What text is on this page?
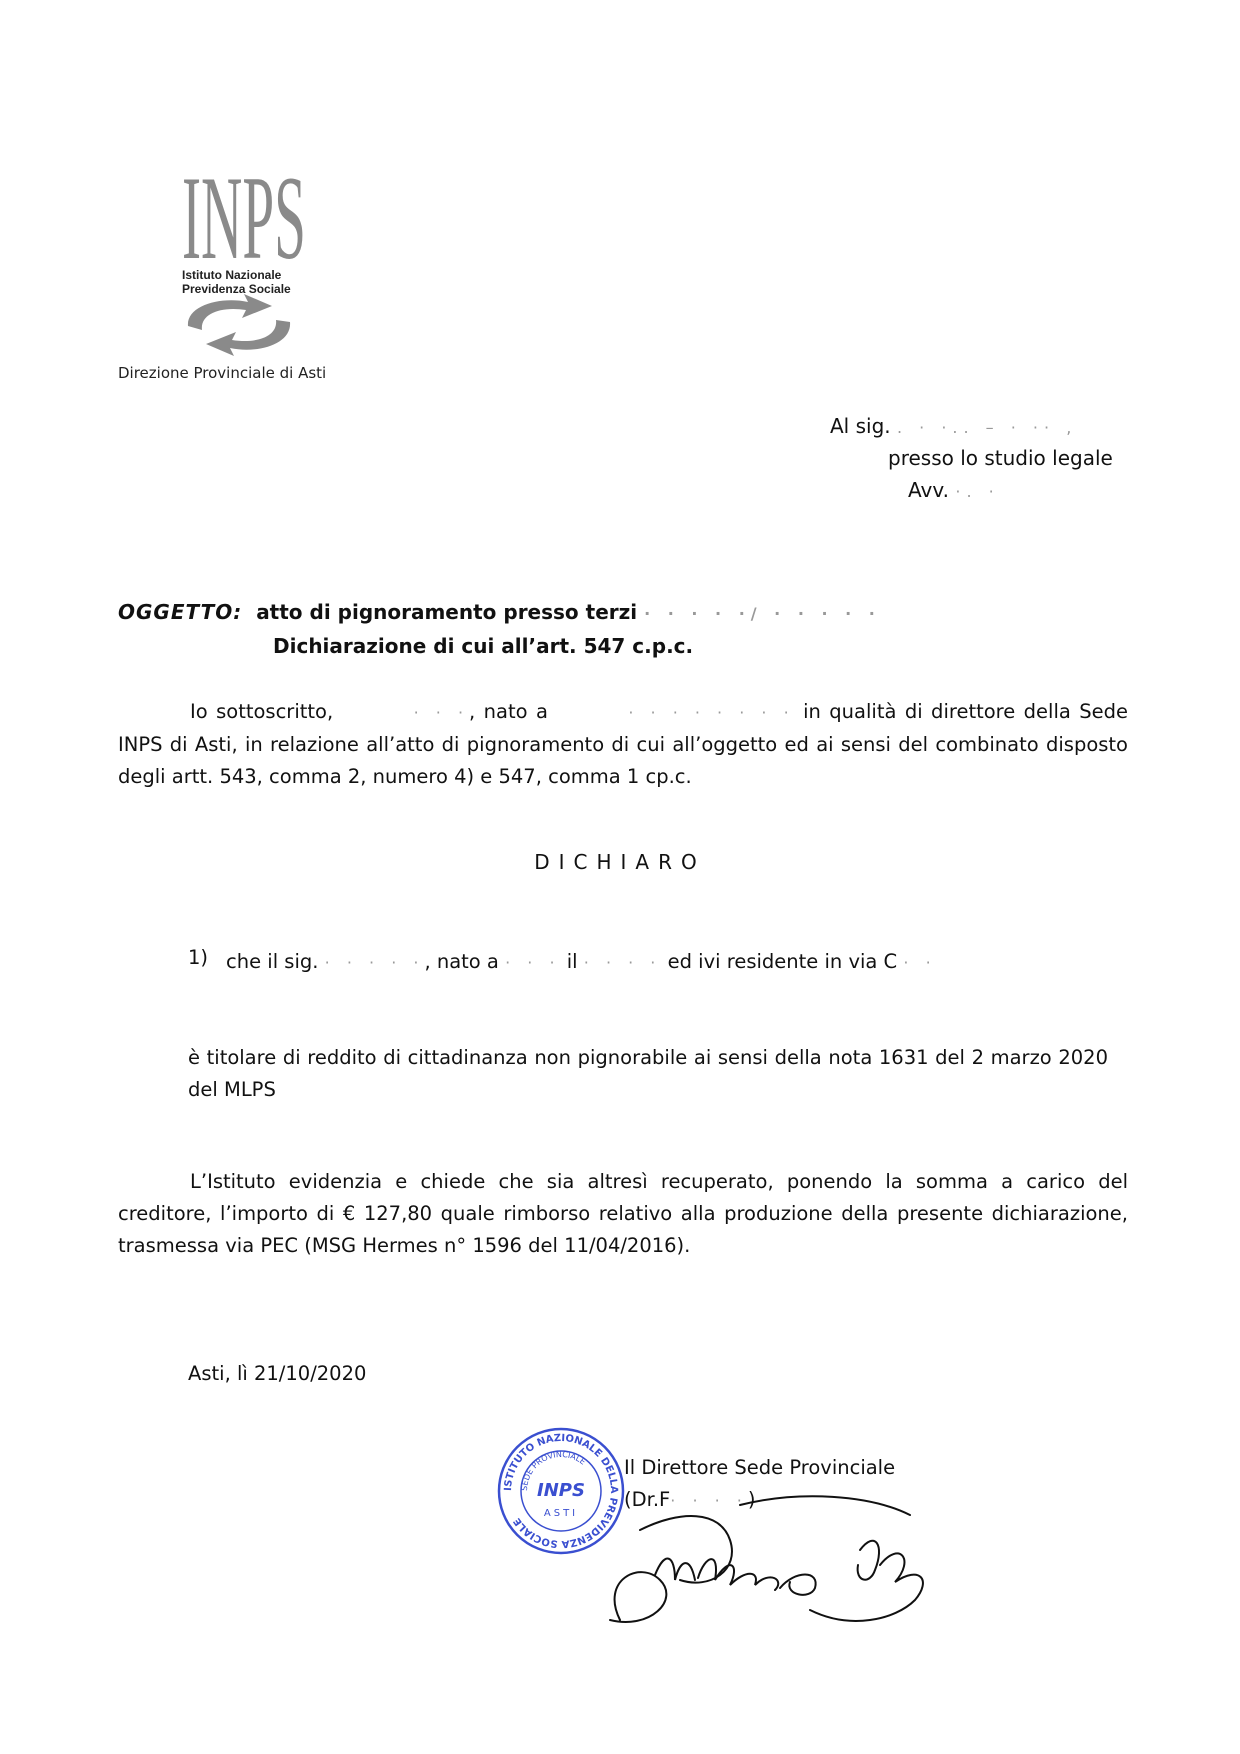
INPS
Istituto Nazionale
Previdenza Sociale
Direzione Provinciale di Asti
Al sig. . · ·.. – · ·· ,
presso lo studio legale
Avv. ·. ·
OGGETTO: atto di pignoramento presso terzi · · · · ·/ · · · · ·
Dichiarazione di cui all’art. 547 c.p.c.
Io sottoscritto,	· · ·, nato a	· · · · · · · · in qualità di direttore della Sede INPS di Asti, in relazione all’atto di pignoramento di cui all’oggetto ed ai sensi del combinato disposto degli artt. 543, comma 2, numero 4) e 547, comma 1 cp.c.
DICHIARO
1) che il sig. · · · · ·, nato a · · · il · · · · ed ivi residente in via C · ·
è titolare di reddito di cittadinanza non pignorabile ai sensi della nota 1631 del 2 marzo 2020 del MLPS
L’Istituto evidenzia e chiede che sia altresì recuperato, ponendo la somma a carico del creditore, l’importo di € 127,80 quale rimborso relativo alla produzione della presente dichiarazione, trasmessa via PEC (MSG Hermes n° 1596 del 11/04/2016).
Asti, lì 21/10/2020
ISTITUTO NAZIONALE DELLA PREVIDENZA SOCIALE
SEDE PROVINCIALE
INPS
ASTI
Il Direttore Sede Provinciale
(Dr.F· · · ·)
